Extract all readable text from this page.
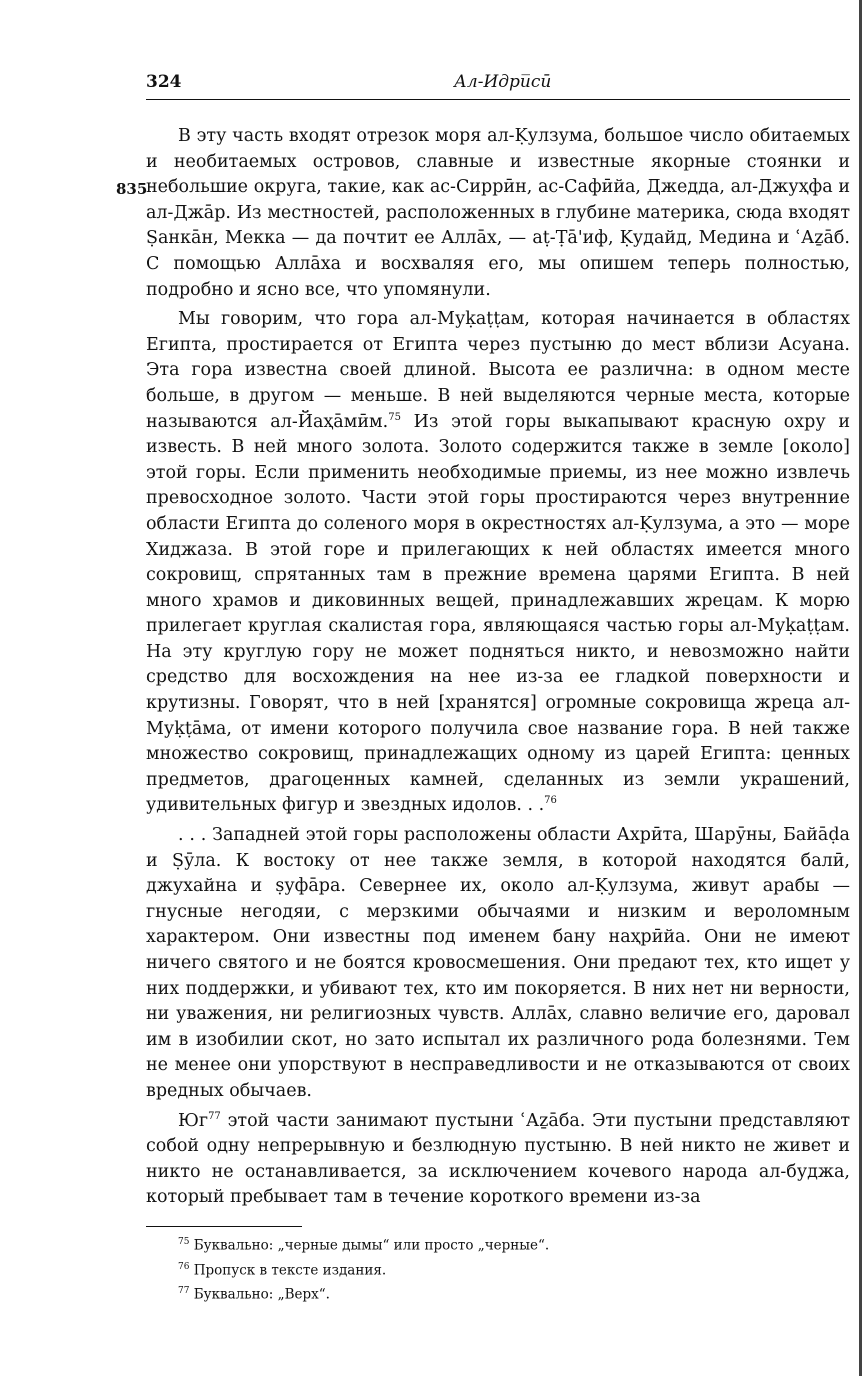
324	Ал-Идри̅сӣ
835

В эту часть входят отрезок моря ал-Ḳулзума, большое число обитаемых и необитаемых островов, славные и известные якорные стоянки и небольшие округа, такие, как ас-Сиррӣн, ас-Сафӣйа, Джедда, ал-Джуҳфа и ал-Джāр. Из местностей, расположенных в глубине материка, сюда входят Ṣанкāн, Мекка — да почтит ее Аллāх, — аṭ-Ṭā'иф, Ḳудайд, Медина и ʿАẕāб. С помощью Аллāха и восхваляя его, мы опишем теперь полностью, подробно и ясно все, что упомянули.

Мы говорим, что гора ал-Муḳаṭṭам, которая начинается в областях Египта, простирается от Египта через пустыню до мест вблизи Асуана. Эта гора известна своей длиной. Высота ее различна: в одном месте больше, в другом — меньше. В ней выделяются черные места, которые называются ал-Йаҳāмӣм.$^{75}$ Из этой горы выкапывают красную охру и известь. В ней много золота. Золото содержится также в земле [около] этой горы. Если применить необходимые приемы, из нее можно извлечь превосходное золото. Части этой горы простираются через внутренние области Египта до соленого моря в окрестностях ал-Ḳулзума, а это — море Хиджаза. В этой горе и прилегающих к ней областях имеется много сокровищ, спрятанных там в прежние времена царями Египта. В ней много храмов и диковинных вещей, принадлежавших жрецам. К морю прилегает круглая скалистая гора, являющаяся частью горы ал-Муḳаṭṭам. На эту круглую гору не может подняться никто, и невозможно найти средство для восхождения на нее из-за ее гладкой поверхности и крутизны. Говорят, что в ней [хранятся] огромные сокровища жреца ал-Муḳṭāма, от имени которого получила свое название гора. В ней также множество сокровищ, принадлежащих одному из царей Египта: ценных предметов, драгоценных камней, сделанных из земли украшений, удивительных фигур и звездных идолов. . .$^{76}$

. . . Западней этой горы расположены области Ахрӣта, Шарӯны, Байāḍа и Ṣӯла. К востоку от нее также земля, в которой находятся балӣ, джухайна и ṣуфāра. Севернее их, около ал-Ḳулзума, живут арабы — гнусные негодяи, с мерзкими обычаями и низким и вероломным характером. Они известны под именем бану наҳрӣйа. Они не имеют ничего святого и не боятся кровосмешения. Они предают тех, кто ищет у них поддержки, и убивают тех, кто им покоряется. В них нет ни верности, ни уважения, ни религиозных чувств. Аллāх, славно величие его, даровал им в изобилии скот, но зато испытал их различного рода болезнями. Тем не менее они упорствуют в несправедливости и не отказываются от своих вредных обычаев.

$Юг^{77}$ этой части занимают пустыни ʿАẕāба. Эти пустыни представляют собой одну непрерывную и безлюдную пустыню. В ней никто не живет и никто не останавливается, за исключением кочевого народа ал-буджа, который пребывает там в течение короткого времени из-за

$^{75}$ Буквально: „черные дымы“ или просто „черные“.

$^{76}$ Пропуск в тексте издания.

$^{77}$ Буквально: „Верх“.
